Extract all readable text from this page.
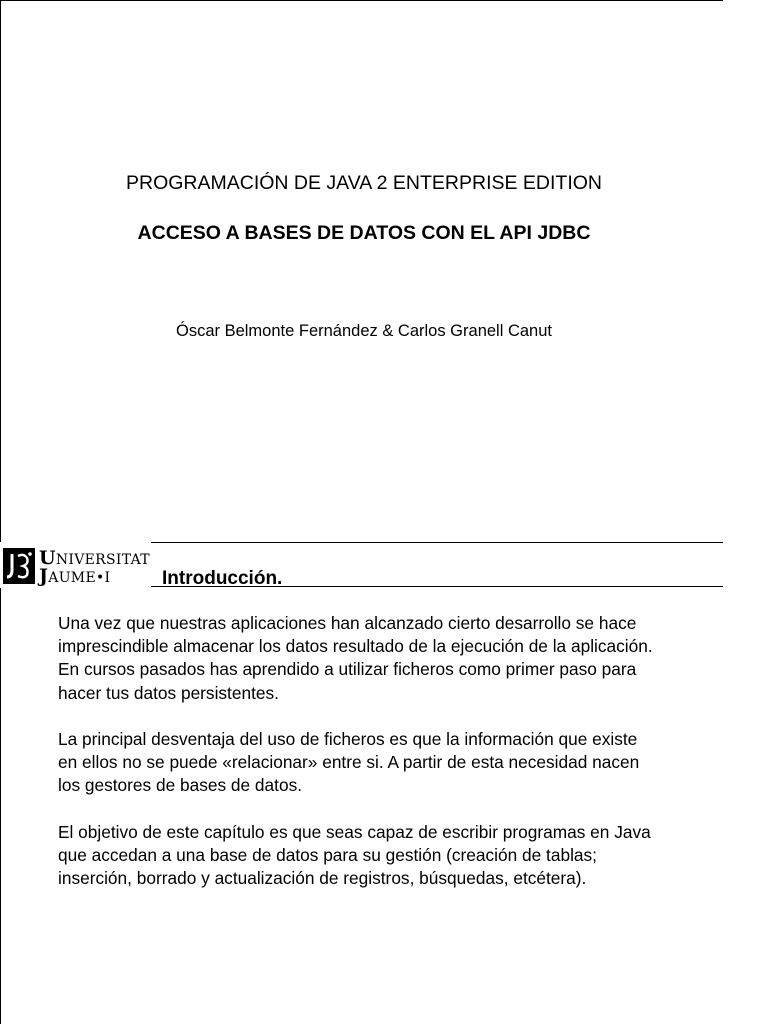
PROGRAMACIÓN DE JAVA 2 ENTERPRISE EDITION
ACCESO A BASES DE DATOS CON EL API JDBC
Óscar Belmonte Fernández & Carlos Granell Canut
UNIVERSITAT
JAUME•I	Introducción.

Una vez que nuestras aplicaciones han alcanzado cierto desarrollo se hace imprescindible almacenar los datos resultado de la ejecución de la aplicación. En cursos pasados has aprendido a utilizar ficheros como primer paso para hacer tus datos persistentes.

La principal desventaja del uso de ficheros es que la información que existe en ellos no se puede «relacionar» entre si. A partir de esta necesidad nacen los gestores de bases de datos.

El objetivo de este capítulo es que seas capaz de escribir programas en Java que accedan a una base de datos para su gestión (creación de tablas; inserción, borrado y actualización de registros, búsquedas, etcétera).
